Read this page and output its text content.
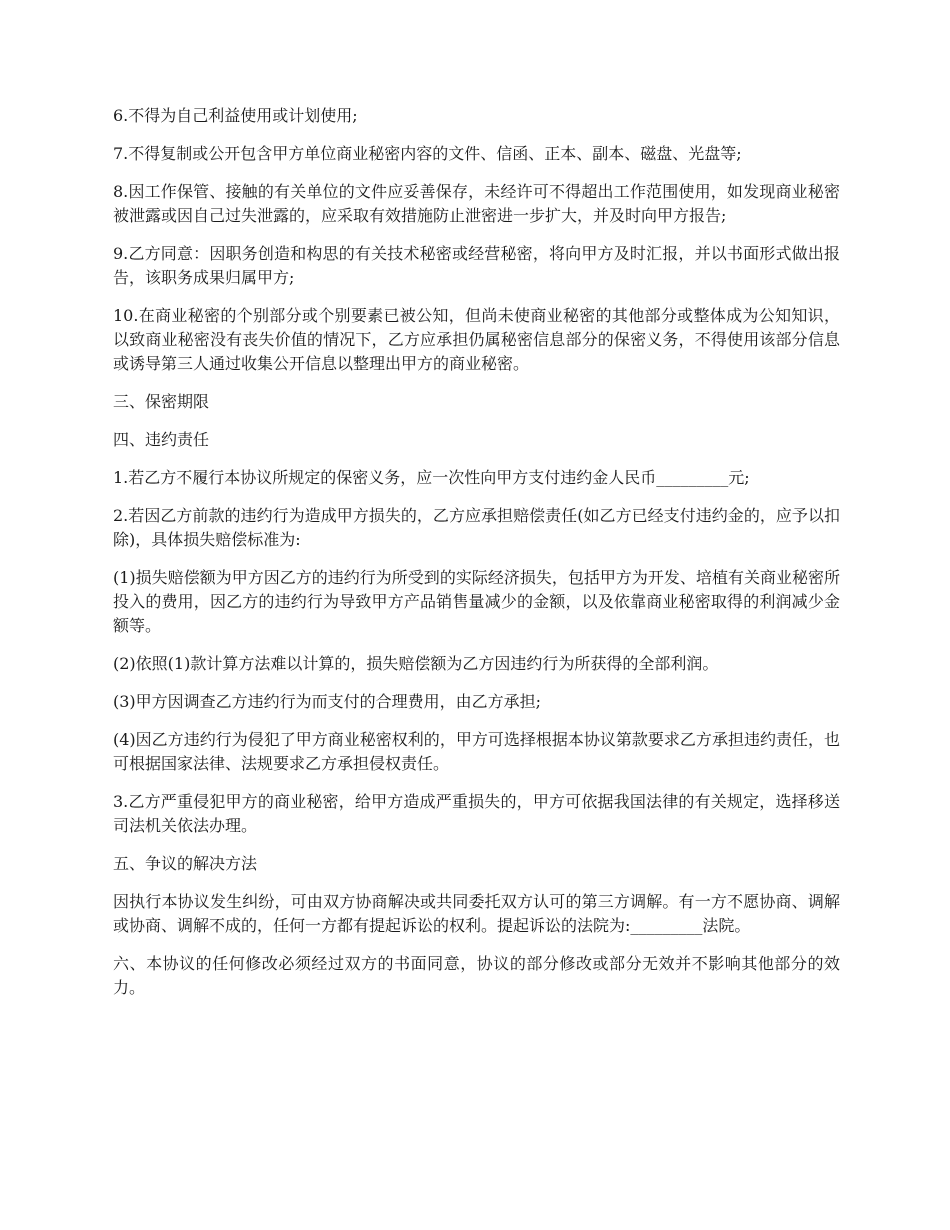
6.不得为自己利益使用或计划使用;

7.不得复制或公开包含甲方单位商业秘密内容的文件、信函、正本、副本、磁盘、光盘等;

8.因工作保管、接触的有关单位的文件应妥善保存，未经许可不得超出工作范围使用，如发现商业秘密被泄露或因自己过失泄露的，应采取有效措施防止泄密进一步扩大，并及时向甲方报告;

9.乙方同意：因职务创造和构思的有关技术秘密或经营秘密，将向甲方及时汇报，并以书面形式做出报告，该职务成果归属甲方;

10.在商业秘密的个别部分或个别要素已被公知，但尚未使商业秘密的其他部分或整体成为公知知识，以致商业秘密没有丧失价值的情况下，乙方应承担仍属秘密信息部分的保密义务，不得使用该部分信息或诱导第三人通过收集公开信息以整理出甲方的商业秘密。

三、保密期限

四、违约责任

1.若乙方不履行本协议所规定的保密义务，应一次性向甲方支付违约金人民币_________元;

2.若因乙方前款的违约行为造成甲方损失的，乙方应承担赔偿责任(如乙方已经支付违约金的，应予以扣除)，具体损失赔偿标准为:

(1)损失赔偿额为甲方因乙方的违约行为所受到的实际经济损失，包括甲方为开发、培植有关商业秘密所投入的费用，因乙方的违约行为导致甲方产品销售量减少的金额，以及依靠商业秘密取得的利润减少金额等。

(2)依照(1)款计算方法难以计算的，损失赔偿额为乙方因违约行为所获得的全部利润。

(3)甲方因调查乙方违约行为而支付的合理费用，由乙方承担;

(4)因乙方违约行为侵犯了甲方商业秘密权利的，甲方可选择根据本协议第款要求乙方承担违约责任，也可根据国家法律、法规要求乙方承担侵权责任。

3.乙方严重侵犯甲方的商业秘密，给甲方造成严重损失的，甲方可依据我国法律的有关规定，选择移送司法机关依法办理。

五、争议的解决方法

因执行本协议发生纠纷，可由双方协商解决或共同委托双方认可的第三方调解。有一方不愿协商、调解或协商、调解不成的，任何一方都有提起诉讼的权利。提起诉讼的法院为:_________法院。

六、本协议的任何修改必须经过双方的书面同意，协议的部分修改或部分无效并不影响其他部分的效力。
